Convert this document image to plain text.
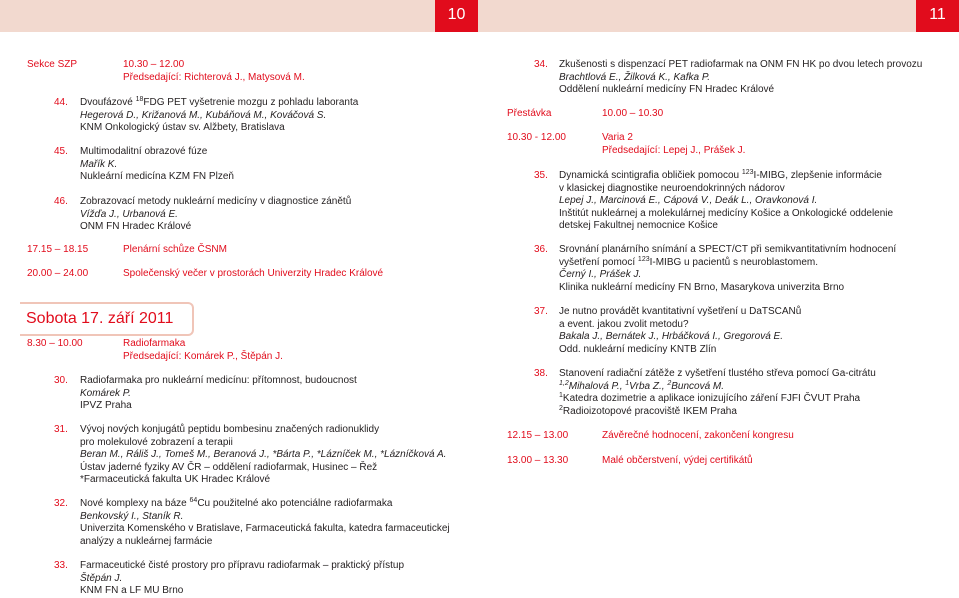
10	11
Sekce SZP	10.30 – 12.00
Předsedající: Richterová J., Matysová M.
44. Dvoufázové $^{18}$FDG PET vyšetrenie mozgu z pohladu laboranta
Hegerová D., Križanová M., Kubáňová M., Kováčová S.
KNM Onkologický ústav sv. Alžbety, Bratislava
45. Multimodalitní obrazové fúze
Mařík K.
Nukleární medicína KZM FN Plzeň
46. Zobrazovací metody nukleární medicíny v diagnostice zánětů
Vížďa J., Urbanová E.
ONM FN Hradec Králové
17.15 – 18.15	Plenární schůze ČSNM
20.00 – 24.00	Společenský večer v prostorách Univerzity Hradec Králové
Sobota 17. září 2011
8.30 – 10.00	Radiofarmaka
Předsedající: Komárek P., Štěpán J.
30. Radiofarmaka pro nukleární medicínu: přítomnost, budoucnost
Komárek P.
IPVZ Praha
31. Vývoj nových konjugátů peptidu bombesinu značených radionuklidy
pro molekulové zobrazení a terapii
Beran M., Ráliš J., Tomeš M., Beranová J., *Bárta P., *Lázníček M., *Lázníčková A.
Ústav jaderné fyziky AV ČR – oddělení radiofarmak, Husinec – Řež
*Farmaceutická fakulta UK Hradec Králové
32. Nové komplexy na báze $^{64}$Cu použitelné ako potenciálne radiofarmaka
Benkovský I., Staník R.
Univerzita Komenského v Bratislave, Farmaceutická fakulta, katedra farmaceutickej
analýzy a nukleárnej farmácie
33. Farmaceutické čisté prostory pro přípravu radiofarmak – praktický přístup
Štěpán J.
KNM FN a LF MU Brno
34. Zkušenosti s dispenzací PET radiofarmak na ONM FN HK po dvou letech provozu
Brachtlová E., Žilková K., Kafka P.
Oddělení nukleární medicíny FN Hradec Králové
Přestávka	10.00 – 10.30
10.30 - 12.00	Varia 2
Předsedající: Lepej J., Prášek J.
35. Dynamická scintigrafia obličiek pomocou $^{123}$I-MIBG, zlepšenie informácie
v klasickej diagnostike neuroendokrinných nádorov
Lepej J., Marcinová E., Cápová V., Deák L., Oravkonová I.
Inštitút nukleárnej a molekulárnej medicíny Košice a Onkologické oddelenie
detskej Fakultnej nemocnice Košice
36. Srovnání planárního snímání a SPECT/CT při semikvantitativním hodnocení
vyšetření pomocí $^{123}$I-MIBG u pacientů s neuroblastomem.
Černý I., Prášek J.
Klinika nukleární medicíny FN Brno, Masarykova univerzita Brno
37. Je nutno provádět kvantitativní vyšetření u DaTSCANů
a event. jakou zvolit metodu?
Bakala J., Bernátek J., Hrbáčková I., Gregorová E.
Odd. nukleární medicíny KNTB Zlín
38. Stanovení radiační zátěže z vyšetření tlustého střeva pomocí Ga-citrátu
$^{1,2}$Mihalová P., $^1$Vrba Z., $^2$Buncová M.
$^1$Katedra dozimetrie a aplikace ionizujícího záření FJFI ČVUT Praha
$^2$Radioizotopové pracoviště IKEM Praha
12.15 – 13.00	Závěrečné hodnocení, zakončení kongresu
13.00 – 13.30	Malé občerstvení, výdej certifikátů
